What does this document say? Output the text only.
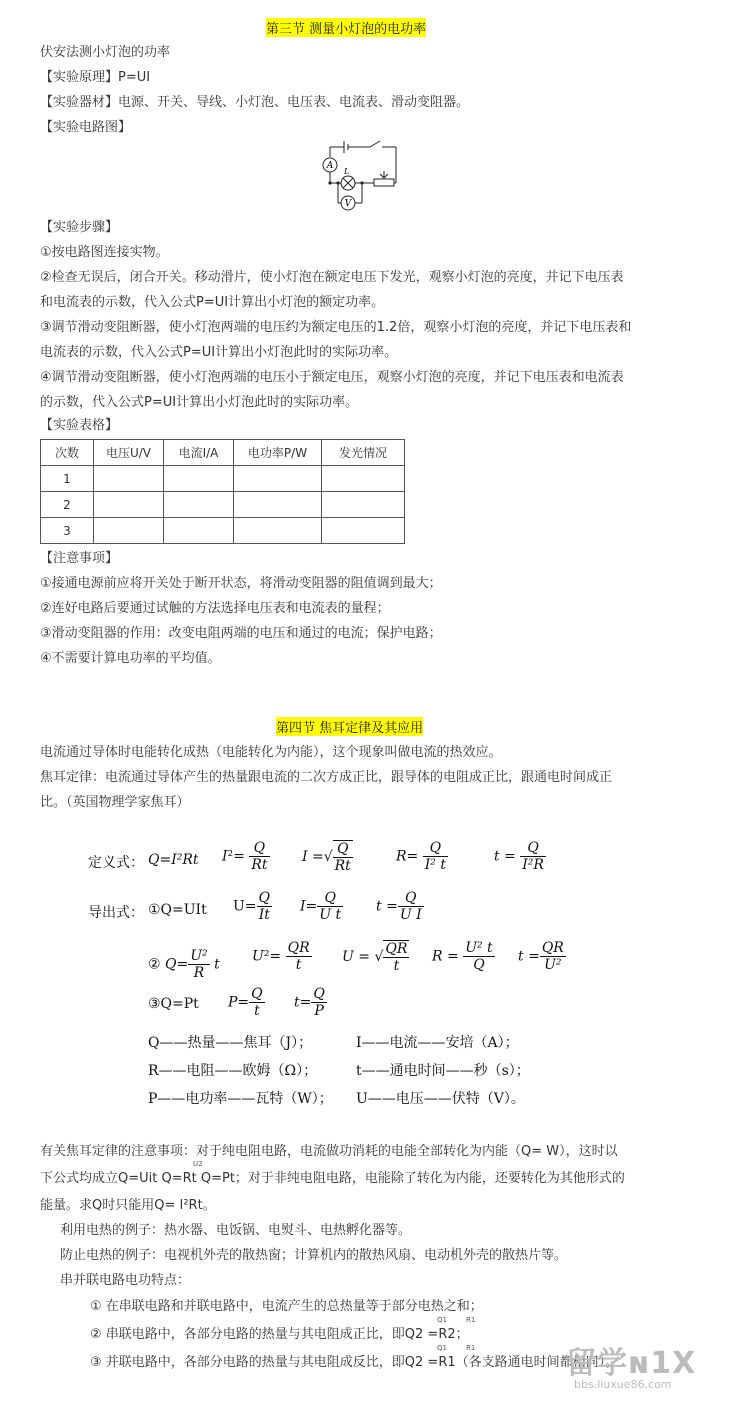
第三节 测量小灯泡的电功率
伏安法测小灯泡的功率
【实验原理】P=UI
【实验器材】电源、开关、导线、小灯泡、电压表、电流表、滑动变阻器。
【实验电路图】
A
V
L
【实验步骤】
①按电路图连接实物。
②检查无误后，闭合开关。移动滑片，使小灯泡在额定电压下发光，观察小灯泡的亮度，并记下电压表
和电流表的示数，代入公式P=UI计算出小灯泡的额定功率。
③调节滑动变阻断器，使小灯泡两端的电压约为额定电压的1.2倍，观察小灯泡的亮度，并记下电压表和
电流表的示数，代入公式P=UI计算出小灯泡此时的实际功率。
④调节滑动变阻断器，使小灯泡两端的电压小于额定电压，观察小灯泡的亮度，并记下电压表和电流表
的示数，代入公式P=UI计算出小灯泡此时的实际功率。
【实验表格】
次数	电压U/V	电流I/A	电功率P/W	发光情况
1				
2				
3				
【注意事项】
①接通电源前应将开关处于断开状态，将滑动变阻器的阻值调到最大；
②连好电路后要通过试触的方法选择电压表和电流表的量程；
③滑动变阻器的作用：改变电阻两端的电压和通过的电流；保护电路；
④不需要计算电功率的平均值。
第四节 焦耳定律及其应用
电流通过导体时电能转化成热（电能转化为内能），这个现象叫做电流的热效应。
焦耳定律：电流通过导体产生的热量跟电流的二次方成正比，跟导体的电阻成正比，跟通电时间成正
比。（英国物理学家焦耳）
定义式： Q=I²Rt $I^2= \frac{Q}{Rt}$ I =√ $\frac{Q}{Rt}$	$R= \frac{Q}{\text{I² t}}$	$t = \frac{Q}{\text{I²R}}$
导出式： ①Q=UIt $U= \frac{Q}{It} I= \frac{Q}{\text{U t}}$ $t = \frac{Q}{\text{U I}}$
② $Q= \frac{\text{U²}}{R}$ t $U^2= \frac{QR}{t}$ U = √ $\frac{QR}{t}$ $R = \frac{\text{U² t}}{Q}$ $t = \frac{QR}{\text{U²}}$
③Q=Pt $P= \frac{Q}{t} t= \frac{Q}{P}$
Q——热量——焦耳（J）；	I——电流——安培（A）；
R——电阻——欧姆（Ω）；	t——通电时间——秒（s）；
P——电功率——瓦特（W）； U——电压——伏特（V）。
有关焦耳定律的注意事项：对于纯电阻电路，电流做功消耗的电能全部转化为内能（Q= W），这时以
U2
下公式均成立Q=Uit Q=Rt Q=Pt；对于非纯电阻电路，电能除了转化为内能，还要转化为其他形式的
能量。求Q时只能用Q= I²Rt。
利用电热的例子：热水器、电饭锅、电熨斗、电热孵化器等。
防止电热的例子：电视机外壳的散热窗；计算机内的散热风扇、电动机外壳的散热片等。
串并联电路电功特点：
① 在串联电路和并联电路中，电流产生的总热量等于部分电热之和；
Q1	R1
② 串联电路中，各部分电路的热量与其电阻成正比，即Q2 =R2；
Q1	R1
③ 并联电路中，各部分电路的热量与其电阻成反比，即Q2 =R1（各支路通电时间都相同）。
留学ɴ1X
bbs.liuxue86.com
